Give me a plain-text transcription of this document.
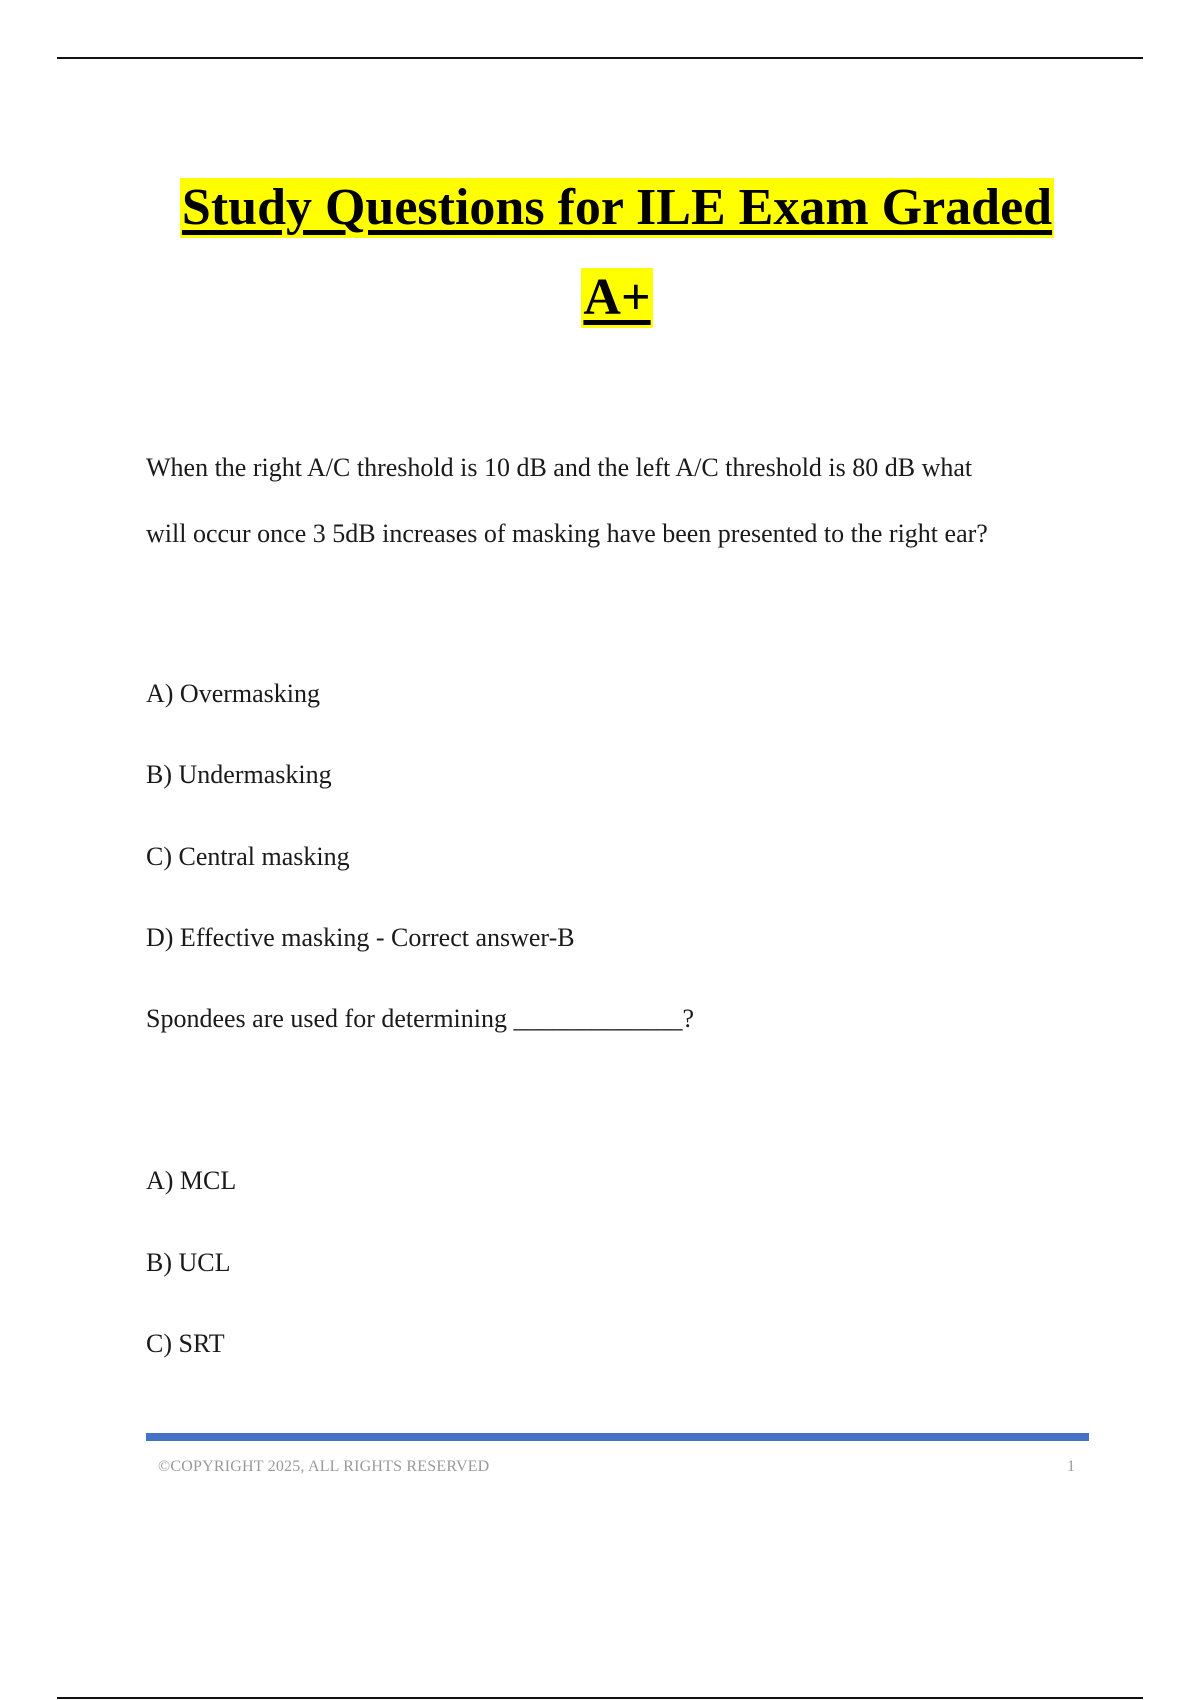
Study Questions for ILE Exam Graded
A+
When the right A/C threshold is 10 dB and the left A/C threshold is 80 dB what
will occur once 3 5dB increases of masking have been presented to the right ear?
A) Overmasking
B) Undermasking
C) Central masking
D) Effective masking - Correct answer-B
Spondees are used for determining _____________?
A) MCL
B) UCL
C) SRT
©COPYRIGHT 2025, ALL RIGHTS RESERVED	1
